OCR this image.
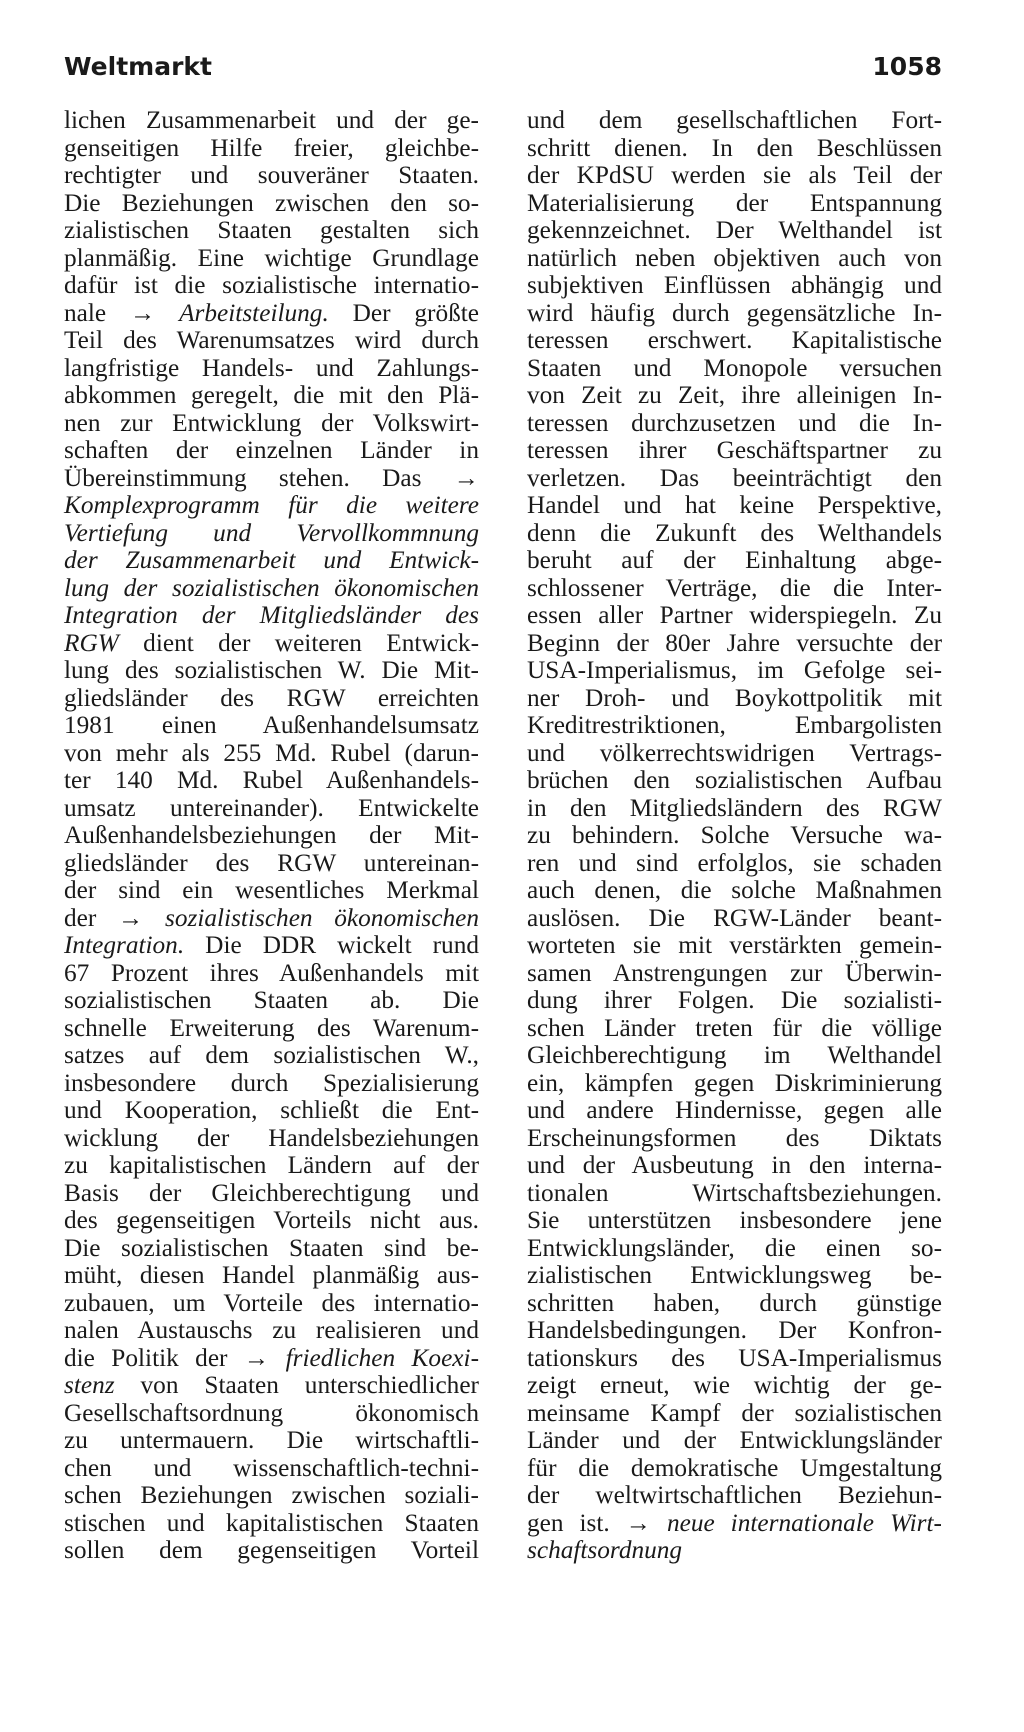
Weltmarkt	1058
lichen Zusammenarbeit und der ge-
genseitigen Hilfe freier, gleichbe-
rechtigter und souveräner Staaten.
Die Beziehungen zwischen den so-
zialistischen Staaten gestalten sich
planmäßig. Eine wichtige Grundlage
dafür ist die sozialistische internatio-
nale → Arbeitsteilung. Der größte
Teil des Warenumsatzes wird durch
langfristige Handels- und Zahlungs-
abkommen geregelt, die mit den Plä-
nen zur Entwicklung der Volkswirt-
schaften der einzelnen Länder in
Übereinstimmung stehen. Das →
Komplexprogramm für die weitere
Vertiefung und Vervollkommnung
der Zusammenarbeit und Entwick-
lung der sozialistischen ökonomischen
Integration der Mitgliedsländer des
RGW dient der weiteren Entwick-
lung des sozialistischen W. Die Mit-
gliedsländer des RGW erreichten
1981 einen Außenhandelsumsatz
von mehr als 255 Md. Rubel (darun-
ter 140 Md. Rubel Außenhandels-
umsatz untereinander). Entwickelte
Außenhandelsbeziehungen der Mit-
gliedsländer des RGW untereinan-
der sind ein wesentliches Merkmal
der → sozialistischen ökonomischen
Integration. Die DDR wickelt rund
67 Prozent ihres Außenhandels mit
sozialistischen Staaten ab. Die
schnelle Erweiterung des Warenum-
satzes auf dem sozialistischen W.,
insbesondere durch Spezialisierung
und Kooperation, schließt die Ent-
wicklung der Handelsbeziehungen
zu kapitalistischen Ländern auf der
Basis der Gleichberechtigung und
des gegenseitigen Vorteils nicht aus.
Die sozialistischen Staaten sind be-
müht, diesen Handel planmäßig aus-
zubauen, um Vorteile des internatio-
nalen Austauschs zu realisieren und
die Politik der → friedlichen Koexi-
stenz von Staaten unterschiedlicher
Gesellschaftsordnung ökonomisch
zu untermauern. Die wirtschaftli-
chen und wissenschaftlich-techni-
schen Beziehungen zwischen soziali-
stischen und kapitalistischen Staaten
sollen dem gegenseitigen Vorteil
und dem gesellschaftlichen Fort-
schritt dienen. In den Beschlüssen
der KPdSU werden sie als Teil der
Materialisierung der Entspannung
gekennzeichnet. Der Welthandel ist
natürlich neben objektiven auch von
subjektiven Einflüssen abhängig und
wird häufig durch gegensätzliche In-
teressen erschwert. Kapitalistische
Staaten und Monopole versuchen
von Zeit zu Zeit, ihre alleinigen In-
teressen durchzusetzen und die In-
teressen ihrer Geschäftspartner zu
verletzen. Das beeinträchtigt den
Handel und hat keine Perspektive,
denn die Zukunft des Welthandels
beruht auf der Einhaltung abge-
schlossener Verträge, die die Inter-
essen aller Partner widerspiegeln. Zu
Beginn der 80er Jahre versuchte der
USA-Imperialismus, im Gefolge sei-
ner Droh- und Boykottpolitik mit
Kreditrestriktionen, Embargolisten
und völkerrechtswidrigen Vertrags-
brüchen den sozialistischen Aufbau
in den Mitgliedsländern des RGW
zu behindern. Solche Versuche wa-
ren und sind erfolglos, sie schaden
auch denen, die solche Maßnahmen
auslösen. Die RGW-Länder beant-
worteten sie mit verstärkten gemein-
samen Anstrengungen zur Überwin-
dung ihrer Folgen. Die sozialisti-
schen Länder treten für die völlige
Gleichberechtigung im Welthandel
ein, kämpfen gegen Diskriminierung
und andere Hindernisse, gegen alle
Erscheinungsformen des Diktats
und der Ausbeutung in den interna-
tionalen Wirtschaftsbeziehungen.
Sie unterstützen insbesondere jene
Entwicklungsländer, die einen so-
zialistischen Entwicklungsweg be-
schritten haben, durch günstige
Handelsbedingungen. Der Konfron-
tationskurs des USA-Imperialismus
zeigt erneut, wie wichtig der ge-
meinsame Kampf der sozialistischen
Länder und der Entwicklungsländer
für die demokratische Umgestaltung
der weltwirtschaftlichen Beziehun-
gen ist. → neue internationale Wirt-
schaftsordnung
